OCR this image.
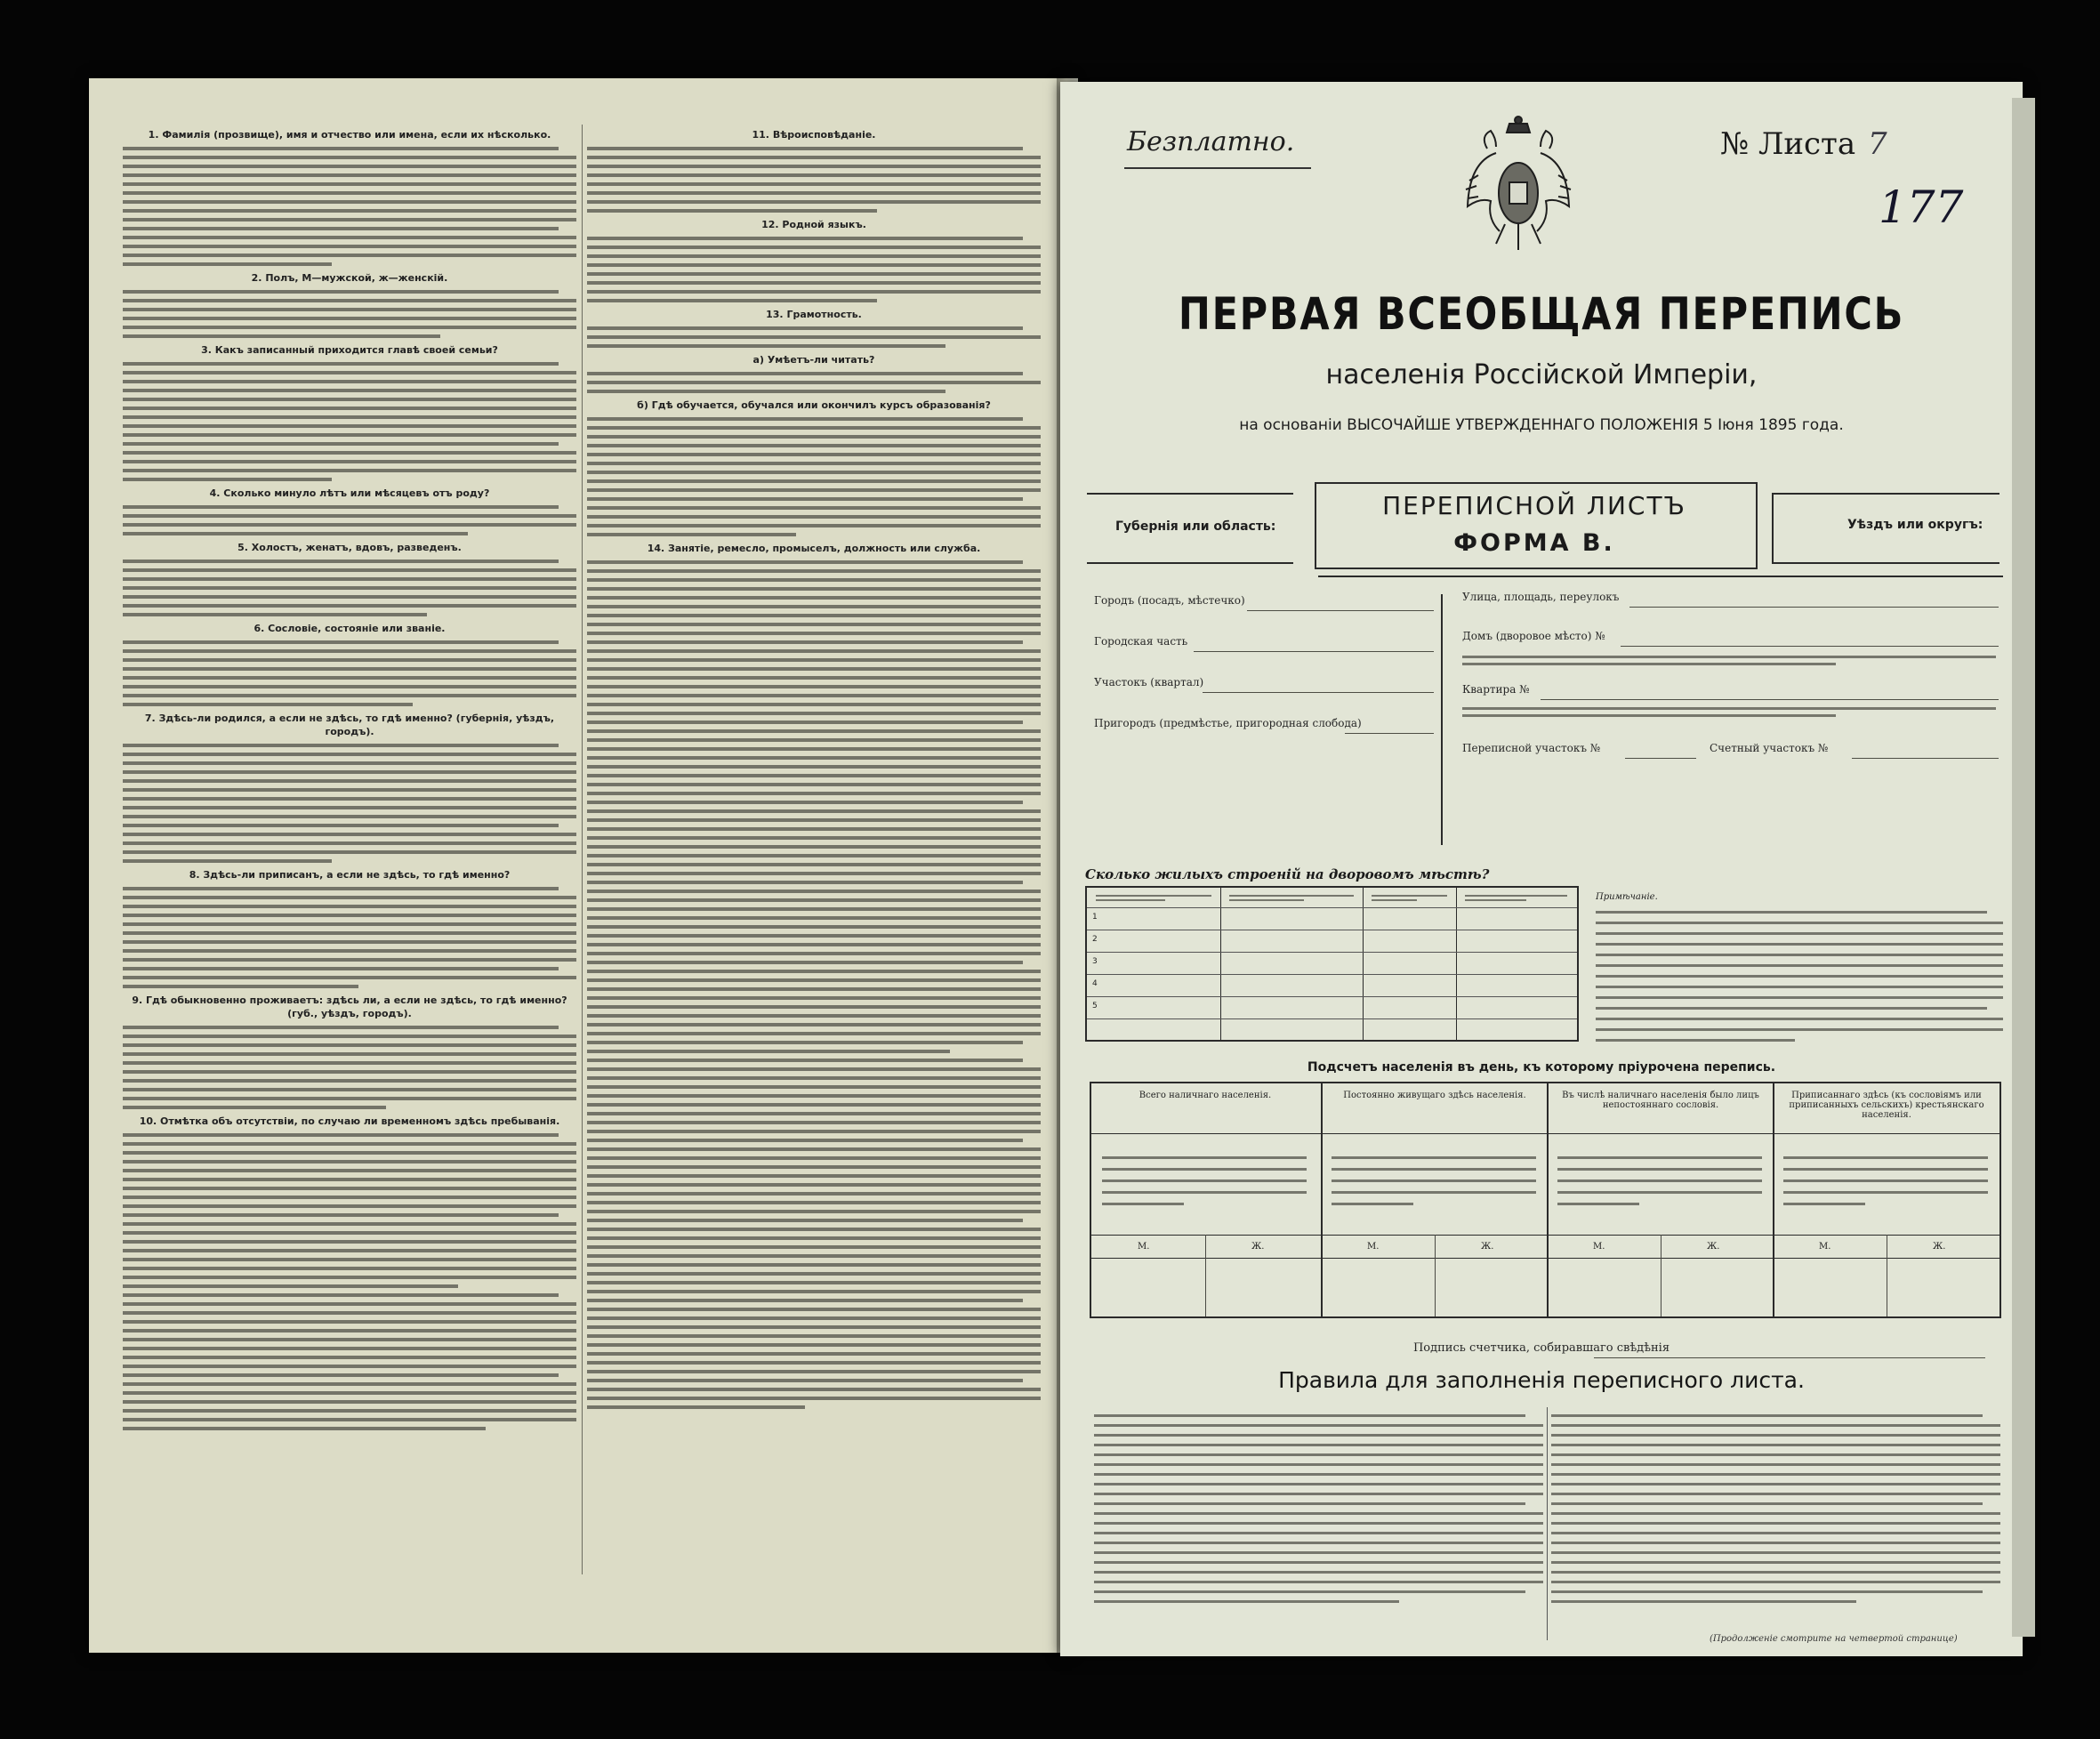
1. Фамилія (прозвище), имя и отчество или имена, если их нѣсколько.
2. Полъ, М—мужской, ж—женскій.
3. Какъ записанный приходится главѣ своей семьи?
4. Сколько минуло лѣтъ или мѣсяцевъ отъ роду?
5. Холостъ, женатъ, вдовъ, разведенъ.
6. Сословіе, состояніе или званіе.
7. Здѣсь-ли родился, а если не здѣсь, то гдѣ именно? (губернія, уѣздъ, городъ).
8. Здѣсь-ли приписанъ, а если не здѣсь, то гдѣ именно?
9. Гдѣ обыкновенно проживаетъ: здѣсь ли, а если не здѣсь, то гдѣ именно? (губ., уѣздъ, городъ).
10. Отмѣтка объ отсутствіи, по случаю ли временномъ здѣсь пребыванія.
11. Вѣроисповѣданіе.
12. Родной языкъ.
13. Грамотность.
а) Умѣетъ-ли читать?
б) Гдѣ обучается, обучался или окончилъ курсъ образованія?
14. Занятіе, ремесло, промыселъ, должность или служба.
Безплатно.	№ Листа 7
177
ПЕРВАЯ ВСЕОБЩАЯ ПЕРЕПИСЬ
населенія Россійской Имперіи,
на основаніи ВЫСОЧАЙШЕ УТВЕРЖДЕННАГО ПОЛОЖЕНІЯ 5 Іюня 1895 года.
Губернія или область:	Уѣздъ или округъ:
ПЕРЕПИСНОЙ ЛИСТЪ
ФОРМА В.
Городъ (посадъ, мѣстечко)
Городская часть
Участокъ (квартал)
Пригородъ (предмѣстье, пригородная слобода)
Улица, площадь, переулокъ
Домъ (дворовое мѣсто) №
Квартира №
Переписной участокъ №	Счетный участокъ №
Сколько жилыхъ строеній на дворовомъ мѣстѣ?
1
2
3
4
5
Примѣчаніе.
Подсчетъ населенія въ день, къ которому пріурочена перепись.
Всего наличнаго населенія.
М.	Ж.
Постоянно живущаго здѣсь населенія.
М.	Ж.
Въ числѣ наличнаго населенія было лицъ непостояннаго сословія.
М.	Ж.
Приписаннаго здѣсь (къ сословіямъ или приписанныхъ сельскихъ) крестьянскаго населенія.
М.	Ж.
Подпись счетчика, собиравшаго свѣдѣнія
Правила для заполненія переписного листа.
(Продолженіе смотрите на четвертой странице)
